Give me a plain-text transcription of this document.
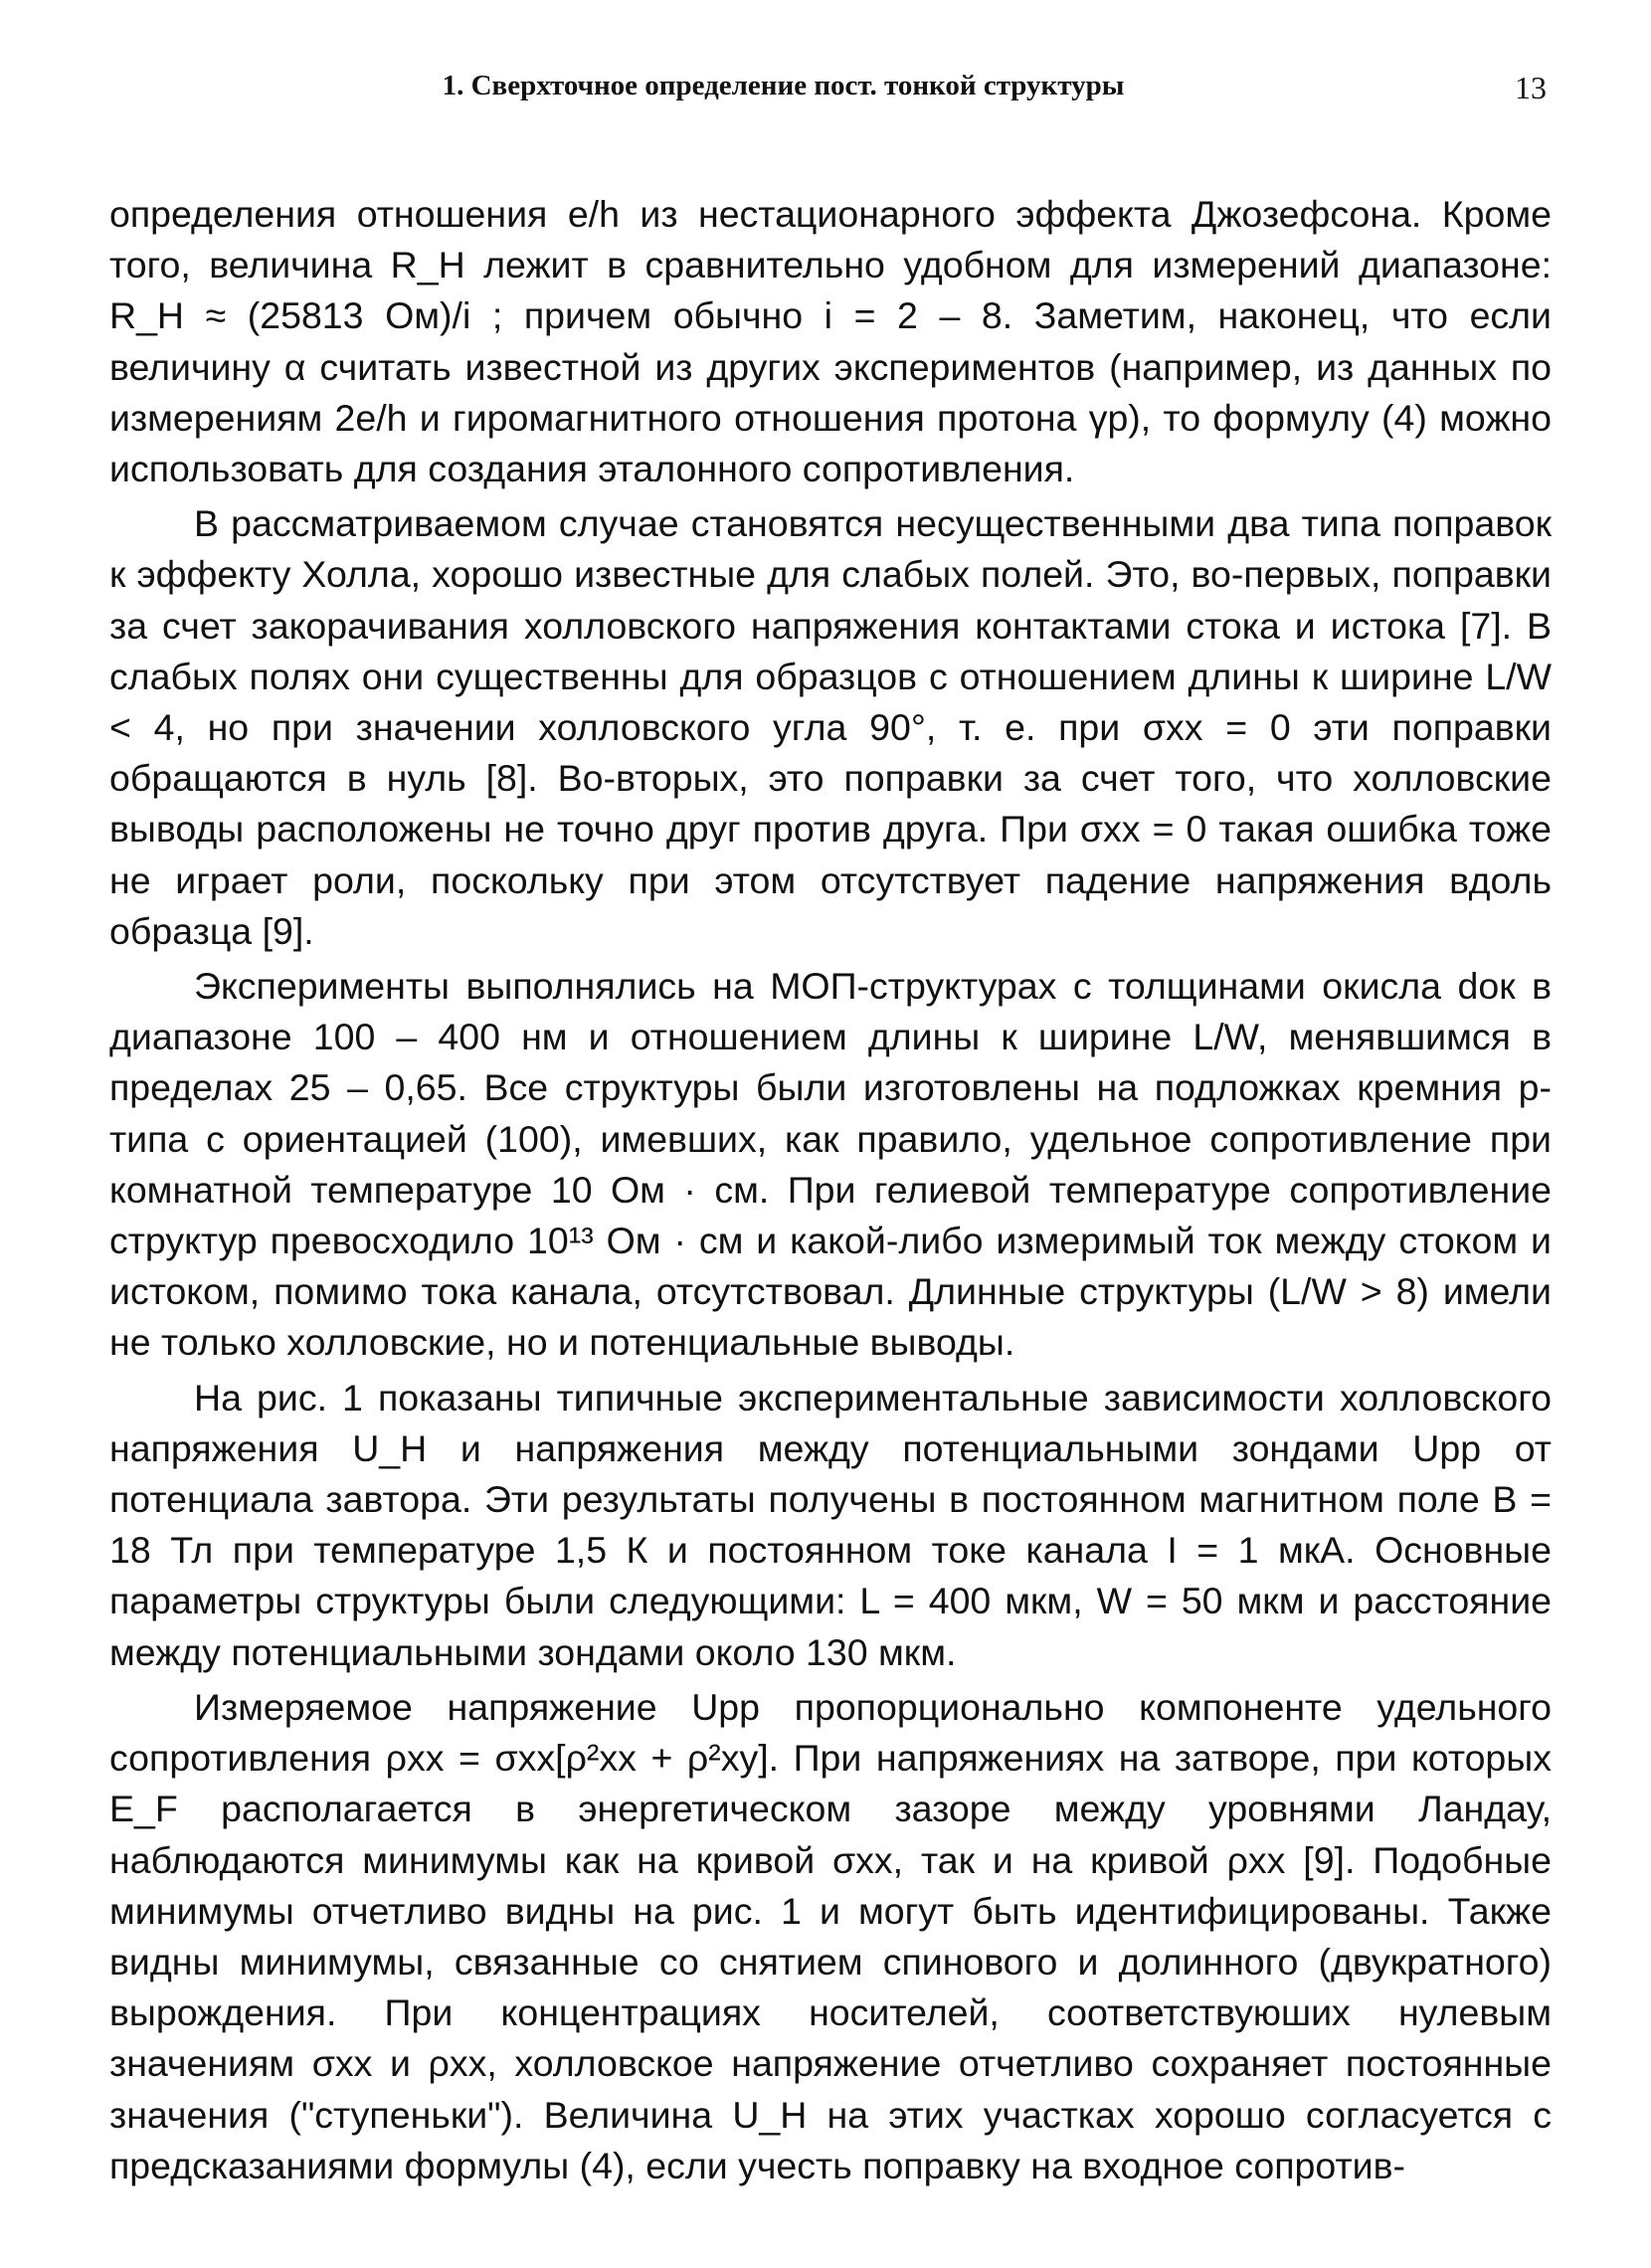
1. Сверхточное определение пост. тонкой структуры	13

определения отношения e/h из нестационарного эффекта Джозефсона. Кроме того, величина R_H лежит в сравнительно удобном для измерений диапазоне: R_H ≈ (25813 Ом)/i ; причем обычно i = 2 – 8. Заметим, наконец, что если величину α считать известной из других экспериментов (например, из данных по измерениям 2e/h и гиромагнитного отношения протона γp), то формулу (4) можно использовать для создания эталонного сопротивления.

В рассматриваемом случае становятся несущественными два типа поправок к эффекту Холла, хорошо известные для слабых полей. Это, во-первых, поправки за счет закорачивания холловского напряжения контактами стока и истока [7]. В слабых полях они существенны для образцов с отношением длины к ширине L/W < 4, но при значении холловского угла 90°, т. е. при σxx = 0 эти поправки обращаются в нуль [8]. Во-вторых, это поправки за счет того, что холловские выводы расположены не точно друг против друга. При σxx = 0 такая ошибка тоже не играет роли, поскольку при этом отсутствует падение напряжения вдоль образца [9].

Эксперименты выполнялись на МОП-структурах с толщинами окисла dок в диапазоне 100 – 400 нм и отношением длины к ширине L/W, менявшимся в пределах 25 – 0,65. Все структуры были изготовлены на подложках кремния p- типа с ориентацией (100), имевших, как правило, удельное сопротивление при комнатной температуре 10 Ом · см. При гелиевой температуре сопротивление структур превосходило 10¹³ Ом · см и какой-либо измеримый ток между стоком и истоком, помимо тока канала, отсутствовал. Длинные структуры (L/W > 8) имели не только холловские, но и потенциальные выводы.

На рис. 1 показаны типичные экспериментальные зависимости холловского напряжения U_H и напряжения между потенциальными зондами Upp от потенциала завтора. Эти результаты получены в постоянном магнитном поле B = 18 Тл при температуре 1,5 К и постоянном токе канала I = 1 мкА. Основные параметры структуры были следующими: L = 400 мкм, W = 50 мкм и расстояние между потенциальными зондами около 130 мкм.

Измеряемое напряжение Upp пропорционально компоненте удельного сопротивления ρxx = σxx[ρ²xx + ρ²xy]. При напряжениях на затворе, при которых E_F располагается в энергетическом зазоре между уровнями Ландау, наблюдаются минимумы как на кривой σxx, так и на кривой ρxx [9]. Подобные минимумы отчетливо видны на рис. 1 и могут быть идентифицированы. Также видны минимумы, связанные со снятием спинового и долинного (двукратного) вырождения. При концентрациях носителей, соответствуюших нулевым значениям σxx и ρxx, холловское напряжение отчетливо сохраняет постоянные значения ("ступеньки"). Величина U_H на этих участках хорошо согласуется с предсказаниями формулы (4), если учесть поправку на входное сопротив-
